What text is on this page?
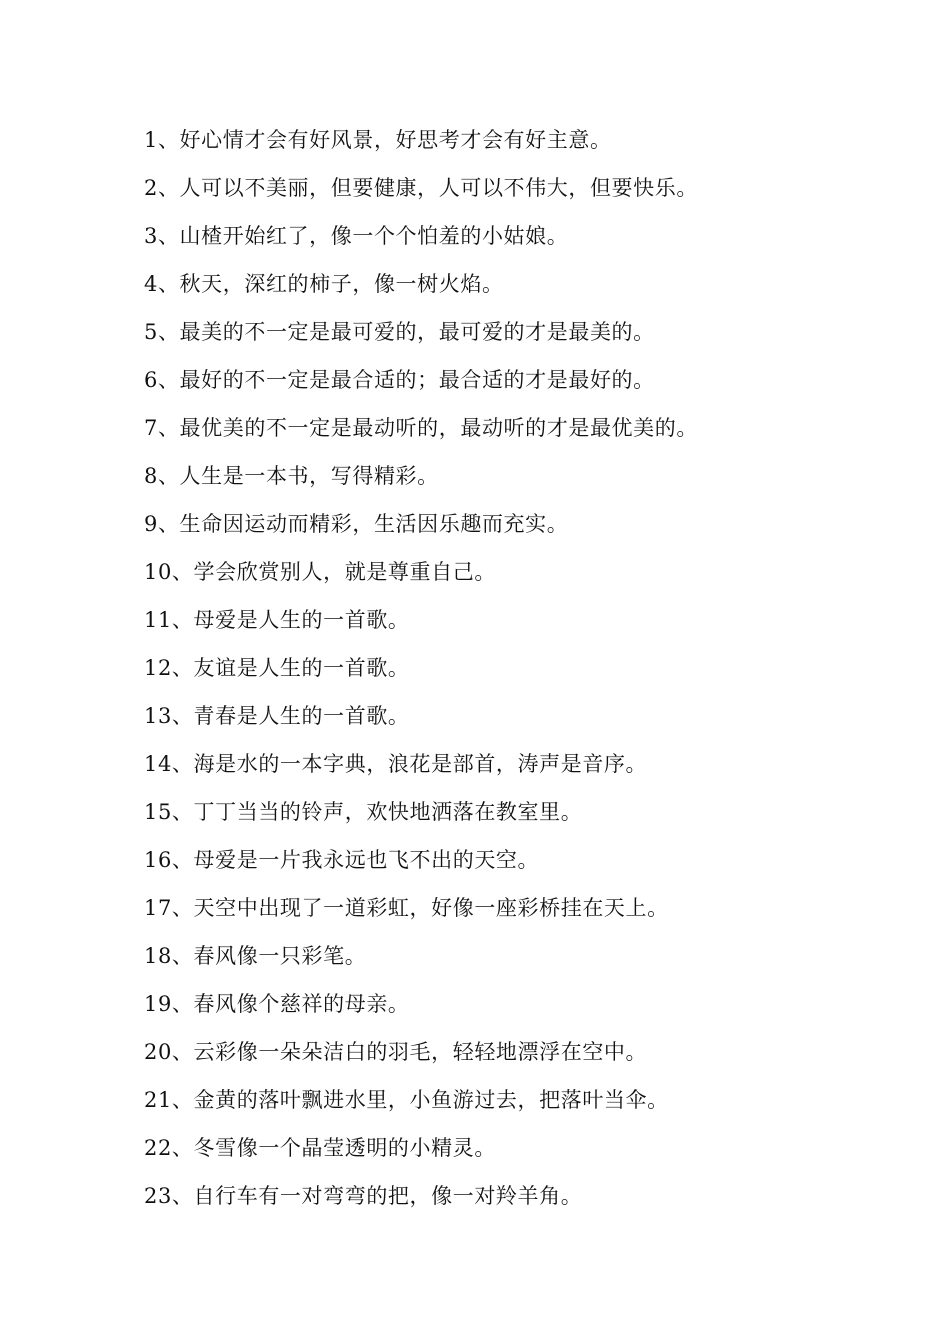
1、好心情才会有好风景，好思考才会有好主意。
2、人可以不美丽，但要健康，人可以不伟大，但要快乐。
3、山楂开始红了，像一个个怕羞的小姑娘。
4、秋天，深红的柿子，像一树火焰。
5、最美的不一定是最可爱的，最可爱的才是最美的。
6、最好的不一定是最合适的；最合适的才是最好的。
7、最优美的不一定是最动听的，最动听的才是最优美的。
8、人生是一本书，写得精彩。
9、生命因运动而精彩，生活因乐趣而充实。
10、学会欣赏别人，就是尊重自己。
11、母爱是人生的一首歌。
12、友谊是人生的一首歌。
13、青春是人生的一首歌。
14、海是水的一本字典，浪花是部首，涛声是音序。
15、丁丁当当的铃声，欢快地洒落在教室里。
16、母爱是一片我永远也飞不出的天空。
17、天空中出现了一道彩虹，好像一座彩桥挂在天上。
18、春风像一只彩笔。
19、春风像个慈祥的母亲。
20、云彩像一朵朵洁白的羽毛，轻轻地漂浮在空中。
21、金黄的落叶飘进水里，小鱼游过去，把落叶当伞。
22、冬雪像一个晶莹透明的小精灵。
23、自行车有一对弯弯的把，像一对羚羊角。
